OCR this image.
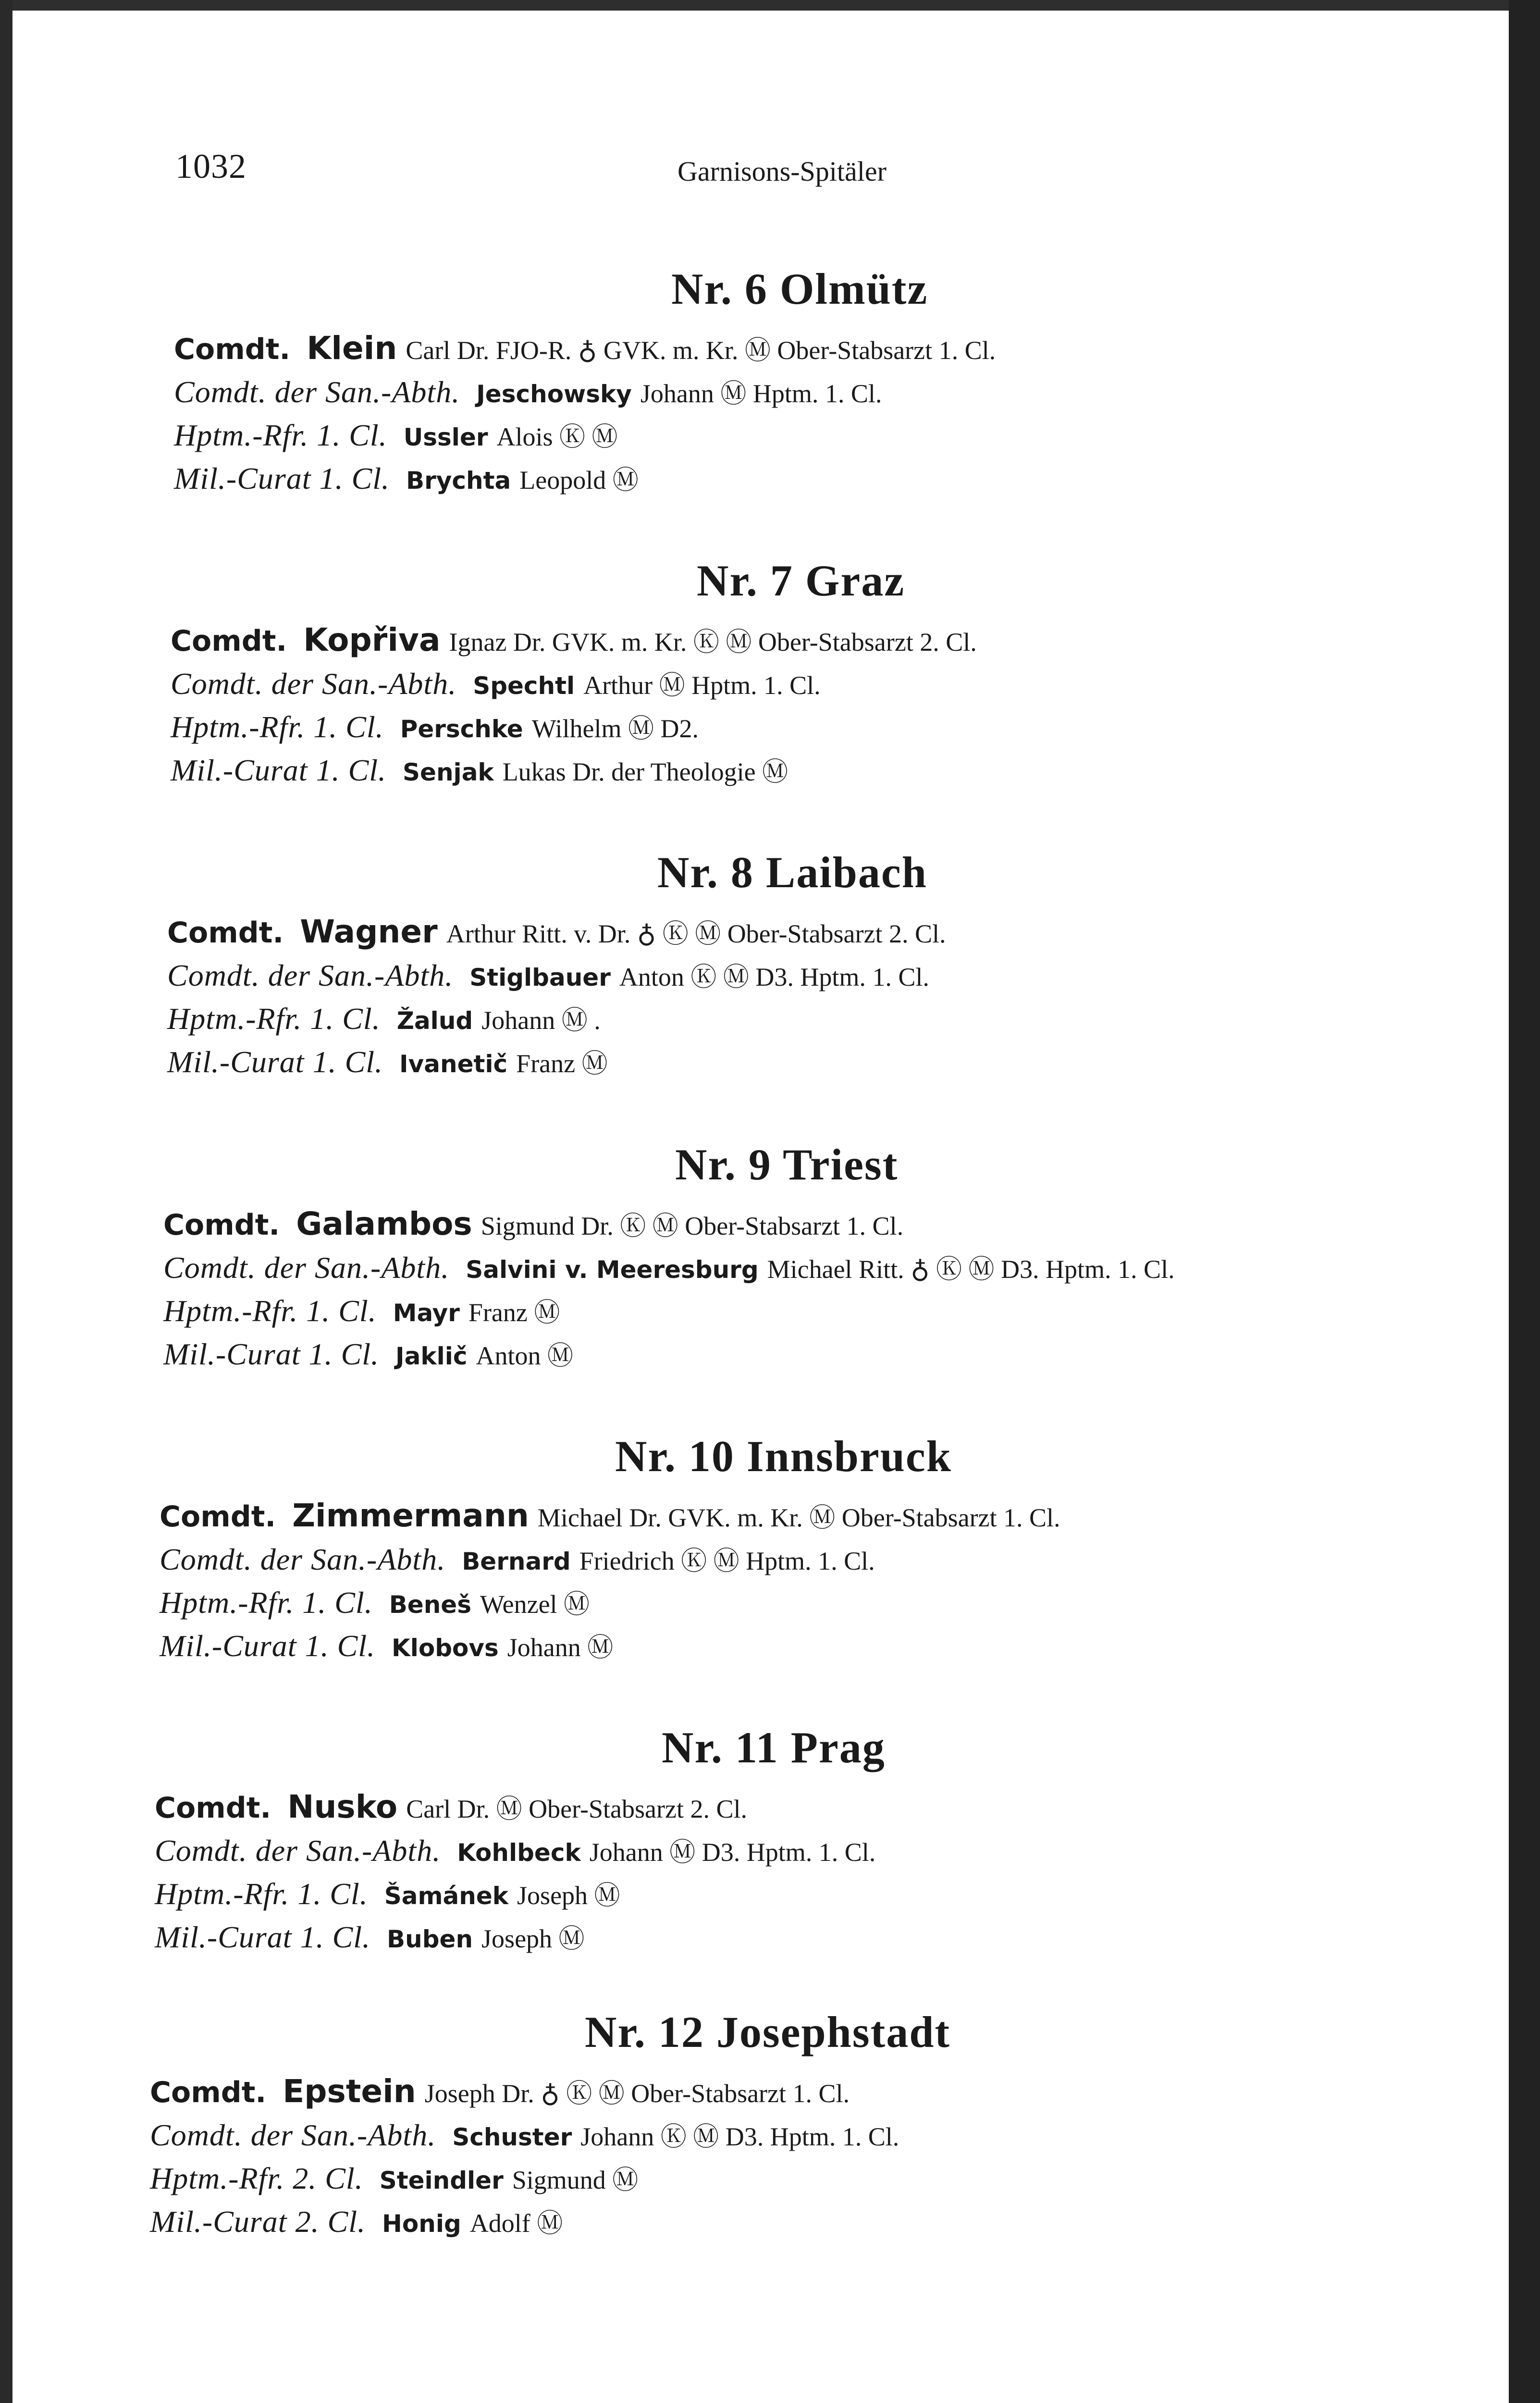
1032	Garnisons-Spitäler
Nr. 6 Olmütz
Comdt. Klein Carl Dr. FJO-R. ♁ GVK. m. Kr. Ⓜ Ober-Stabsarzt 1. Cl.
Comdt. der San.-Abth. Jeschowsky Johann Ⓜ Hptm. 1. Cl.
Hptm.-Rfr. 1. Cl. Ussler Alois Ⓚ Ⓜ
Mil.-Curat 1. Cl. Brychta Leopold Ⓜ
Nr. 7 Graz
Comdt. Kopřiva Ignaz Dr. GVK. m. Kr. Ⓚ Ⓜ Ober-Stabsarzt 2. Cl.
Comdt. der San.-Abth. Spechtl Arthur Ⓜ Hptm. 1. Cl.
Hptm.-Rfr. 1. Cl. Perschke Wilhelm Ⓜ D2.
Mil.-Curat 1. Cl. Senjak Lukas Dr. der Theologie Ⓜ
Nr. 8 Laibach
Comdt. Wagner Arthur Ritt. v. Dr. ♁ Ⓚ Ⓜ Ober-Stabsarzt 2. Cl.
Comdt. der San.-Abth. Stiglbauer Anton Ⓚ Ⓜ D3. Hptm. 1. Cl.
Hptm.-Rfr. 1. Cl. Žalud Johann Ⓜ .
Mil.-Curat 1. Cl. Ivanetič Franz Ⓜ
Nr. 9 Triest
Comdt. Galambos Sigmund Dr. Ⓚ Ⓜ Ober-Stabsarzt 1. Cl.
Comdt. der San.-Abth. Salvini v. Meeresburg Michael Ritt. ♁ Ⓚ Ⓜ D3. Hptm. 1. Cl.
Hptm.-Rfr. 1. Cl. Mayr Franz Ⓜ
Mil.-Curat 1. Cl. Jaklič Anton Ⓜ
Nr. 10 Innsbruck
Comdt. Zimmermann Michael Dr. GVK. m. Kr. Ⓜ Ober-Stabsarzt 1. Cl.
Comdt. der San.-Abth. Bernard Friedrich Ⓚ Ⓜ Hptm. 1. Cl.
Hptm.-Rfr. 1. Cl. Beneš Wenzel Ⓜ
Mil.-Curat 1. Cl. Klobovs Johann Ⓜ
Nr. 11 Prag
Comdt. Nusko Carl Dr. Ⓜ Ober-Stabsarzt 2. Cl.
Comdt. der San.-Abth. Kohlbeck Johann Ⓜ D3. Hptm. 1. Cl.
Hptm.-Rfr. 1. Cl. Šamánek Joseph Ⓜ
Mil.-Curat 1. Cl. Buben Joseph Ⓜ
Nr. 12 Josephstadt
Comdt. Epstein Joseph Dr. ♁ Ⓚ Ⓜ Ober-Stabsarzt 1. Cl.
Comdt. der San.-Abth. Schuster Johann Ⓚ Ⓜ D3. Hptm. 1. Cl.
Hptm.-Rfr. 2. Cl. Steindler Sigmund Ⓜ
Mil.-Curat 2. Cl. Honig Adolf Ⓜ
